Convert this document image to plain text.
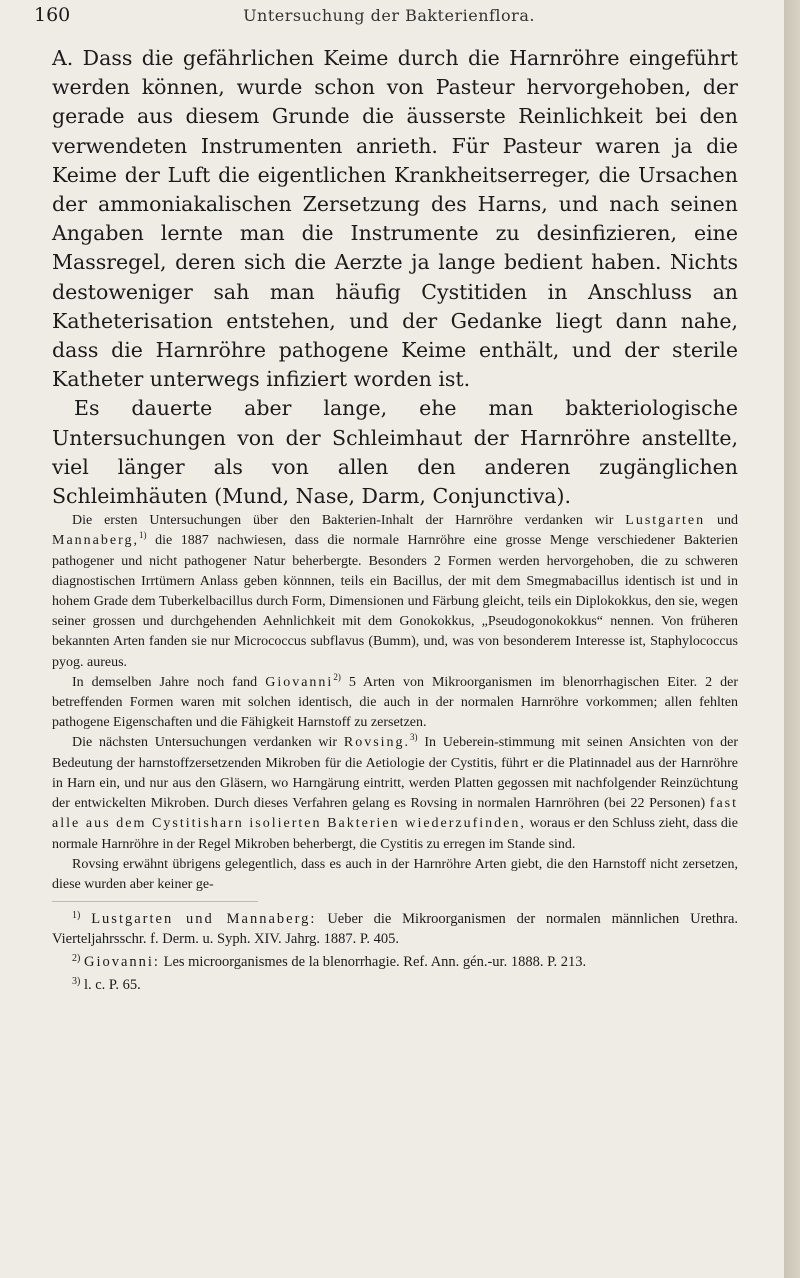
160	Untersuchung der Bakterienflora.

A. Dass die gefährlichen Keime durch die Harnröhre eingeführt werden können, wurde schon von Pasteur hervorgehoben, der gerade aus diesem Grunde die äusserste Reinlichkeit bei den verwendeten Instrumenten anrieth. Für Pasteur waren ja die Keime der Luft die eigentlichen Krankheitserreger, die Ursachen der ammoniakalischen Zersetzung des Harns, und nach seinen Angaben lernte man die Instrumente zu desinfizieren, eine Massregel, deren sich die Aerzte ja lange bedient haben. Nichts destoweniger sah man häufig Cystitiden in Anschluss an Katheterisation entstehen, und der Gedanke liegt dann nahe, dass die Harnröhre pathogene Keime enthält, und der sterile Katheter unterwegs infiziert worden ist.

Es dauerte aber lange, ehe man bakteriologische Untersuchungen von der Schleimhaut der Harnröhre anstellte, viel länger als von allen den anderen zugänglichen Schleimhäuten (Mund, Nase, Darm, Conjunctiva).

Die ersten Untersuchungen über den Bakterien-Inhalt der Harnröhre verdanken wir Lustgarten und Mannaberg,$^{1)}$ die 1887 nachwiesen, dass die normale Harnröhre eine grosse Menge verschiedener Bakterien pathogener und nicht pathogener Natur beherbergte. Besonders 2 Formen werden hervorgehoben, die zu schweren diagnostischen Irrtümern Anlass geben könnnen, teils ein Bacillus, der mit dem Smegmabacillus identisch ist und in hohem Grade dem Tuberkelbacillus durch Form, Dimensionen und Färbung gleicht, teils ein Diplokokkus, den sie, wegen seiner grossen und durchgehenden Aehnlichkeit mit dem Gonokokkus, „Pseudogonokokkus“ nennen. Von früheren bekannten Arten fanden sie nur Micrococcus subflavus (Bumm), und, was von besonderem Interesse ist, Staphylococcus pyog. aureus.

In demselben Jahre noch fand Giovanni$^{2)}$ 5 Arten von Mikroorganismen im blenorrhagischen Eiter. 2 der betreffenden Formen waren mit solchen identisch, die auch in der normalen Harnröhre vorkommen; allen fehlten pathogene Eigenschaften und die Fähigkeit Harnstoff zu zersetzen.

Die nächsten Untersuchungen verdanken wir Rovsing.$^{3)}$ In Ueberein-stimmung mit seinen Ansichten von der Bedeutung der harnstoffzersetzenden Mikroben für die Aetiologie der Cystitis, führt er die Platinnadel aus der Harnröhre in Harn ein, und nur aus den Gläsern, wo Harngärung eintritt, werden Platten gegossen mit nachfolgender Reinzüchtung der entwickelten Mikroben. Durch dieses Verfahren gelang es Rovsing in normalen Harnröhren (bei 22 Personen) fast alle aus dem Cystitisharn isolierten Bakterien wiederzufinden, woraus er den Schluss zieht, dass die normale Harnröhre in der Regel Mikroben beherbergt, die Cystitis zu erregen im Stande sind.

Rovsing erwähnt übrigens gelegentlich, dass es auch in der Harnröhre Arten giebt, die den Harnstoff nicht zersetzen, diese wurden aber keiner ge-

$^{1)}$ Lustgarten und Mannaberg: Ueber die Mikroorganismen der normalen männlichen Urethra. Vierteljahrsschr. f. Derm. u. Syph. XIV. Jahrg. 1887. P. 405.

$^{2)}$ Giovanni: Les microorganismes de la blenorrhagie. Ref. Ann. gén.-ur. 1888. P. 213.

$^{3)}$ l. c. P. 65.
